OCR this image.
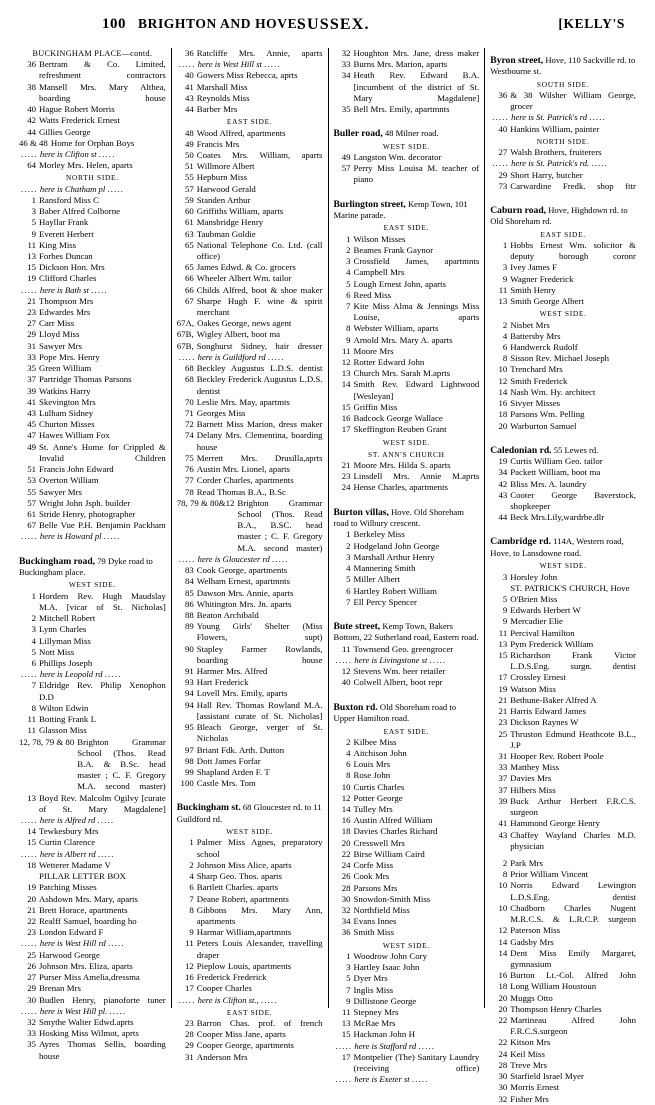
100 BRIGHTON AND HOVE.
SUSSEX.	[KELLY'S
BUCKINGHAM PLACE—contd.
36 Bertram & Co. Limited, refreshment contractors
38 Mansell Mrs. Mary Althea, boarding house
40 Hague Robert Morris
42 Watts Frederick Ernest
44 Gillies George
46 & 48 Home for Orphan Boys
..... here is Clifton st .....
64 Morley Mrs. Helen, aparts
NORTH SIDE.
..... here is Chatham pl .....
1 Ransford Miss C
3 Baber Alfred Colborne
5 Hayllar Frank
9 Everett Herbert
11 King Miss
13 Forbes Duncan
15 Dickson Hon. Mrs
19 Clifford Charles
..... here is Bath st .....
21 Thompson Mrs
23 Edwardes Mrs
27 Carr Miss
29 Lloyd Miss
31 Sawyer Mrs
33 Pope Mrs. Henry
35 Green William
37 Partridge Thomas Parsons
39 Watkins Harry
41 Skevington Mrs
43 Lulham Sidney
45 Churton Misses
47 Hawes William Fox
49 St. Anne's Home for Crippled & Invalid Children
51 Francis John Edward
53 Overton William
55 Sawyer Mrs
57 Wright John Jsph. builder
61 Stride Henry, photographer
67 Belle Vue P.H. Benjamin Packham
..... here is Howard pl .....
Buckingham road, 79 Dyke road to Buckingham place.
WEST SIDE.
1 Hordern Rev. Hugh Maudslay M.A. [vicar of St. Nicholas]
2 Mitchell Robert
3 Lynn Charles
4 Lillyman Miss
5 Nott Miss
6 Phillips Joseph
..... here is Leopold rd .....
7 Eldridge Rev. Philip Xenophon D.D
8 Wilton Edwin
11 Botting Frank L
11 Glasson Miss
12, 78, 79 & 80 Brighton Grammar School (Thos. Read B.A. & B.Sc. head master ; C. F. Gregory M.A. second master)
13 Boyd Rev. Malcolm Ogilvy [curate of St. Mary Magdalene]
..... here is Alfred rd .....
14 Tewkesbury Mrs
15 Curtin Clarence
..... here is Albert rd .....
18 Wetterer Madame V
PILLAR LETTER BOX
19 Patching Misses
20 Ashdown Mrs. Mary, aparts
21 Brett Horace, apartments
22 Realff Samuel, boarding ho
23 London Edward F
..... here is West Hill rd .....
25 Harwood George
26 Johnson Mrs. Eliza, aparts
27 Purser Miss Amelia,dressma
29 Brenan Mrs
30 Budlen Henry, pianoforte tuner
..... here is West Hill pl. .....
32 Smythe Walter Edwd.aprts
33 Hosking Miss Wilmot, aprts
35 Ayres Thomas Sellis, boarding house
36 Ratcliffe Mrs. Annie, aparts
..... here is West Hill st .....
40 Gowers Miss Rebecca, aprts
41 Marshall Miss
43 Reynolds Miss
44 Barber Mrs
EAST SIDE.
48 Wood Alfred, apartments
49 Francis Mrs
50 Coates Mrs. William, aparts
51 Willmore Albert
55 Hepburn Miss
57 Harwood Gerald
59 Standen Arthur
60 Griffiths William, aparts
61 Mansbridge Henry
63 Taubman Goldie
65 National Telephone Co. Ltd. (call office)
65 James Edwd. & Co. grocers
66 Wheeler Albert Wm. tailor
66 Childs Alfred, boot & shoe maker
67 Sharpe Hugh F. wine & spirit merchant
67A, Oakes George, news agent
67B, Wigley Albert, boot ma
67B, Songhurst Sidney, hair dresser
..... here is Guildford rd .....
68 Beckley Augustus L.D.S. dentist
68 Beckley Frederick Augustus L.D.S. dentist
70 Leslie Mrs. May, apartmts
71 Georges Miss
72 Barnett Miss Marion, dress maker
74 Delany Mrs. Clementina, boarding house
75 Merrett Mrs. Drusilla,aprts
76 Austin Mrs. Lionel, aparts
77 Corder Charles, apartments
78 Read Thomas B.A., B.Sc
78, 79 & 80&12 Brighton Grammar School (Thos. Read B.A., B.SC. head master ; C. F. Gregory M.A. second master)
..... here is Gloucester rd .....
83 Cook George, apartments
84 Welham Ernest, apartmnts
85 Dawson Mrs. Annie, aparts
86 Whitington Mrs. Jn. aparts
88 Beaton Archibald
89 Young Girls' Shelter (Miss Flowers, supt)
90 Stapley Farmer Rowlands, boarding house
91 Harmer Mrs. Alfred
93 Hart Frederick
94 Lovell Mrs. Emily, aparts
94 Hall Rev. Thomas Rowland M.A. [assistant curate of St. Nicholas]
95 Bleach George, verger of St. Nicholas
97 Briant Fdk. Arth. Dutton
98 Dott James Forfar
99 Shapland Arden F. T
100 Castle Mrs. Tom
Buckingham st. 68 Gloucester rd. to 11 Guildford rd.
WEST SIDE.
1 Palmer Miss Agnes, preparatory school
2 Johnson Miss Alice, aparts
4 Sharp Geo. Thos. aparts
6 Bartlett Charles. aparts
7 Deane Robert, apartments
8 Gibbons Mrs. Mary Ann, apartments
9 Harmar William,apartmnts
11 Peters Louis Alexander, travelling draper
12 Pieplow Louis, apartments
16 Frederick Frederick
17 Cooper Charles
..... here is Clifton st., .....
EAST SIDE.
23 Barron Chas. prof. of french
28 Cooper Miss Jane, aparts
29 Cooper George, apartments
31 Anderson Mrs
32 Houghton Mrs. Jane, dress maker
33 Burns Mrs. Marion, aparts
34 Heath Rev. Edward B.A. [incumbent of the district of St. Mary Magdalene]
35 Bell Mrs. Emily, apartmnts
Buller road, 48 Milner road.
WEST SIDE.
49 Langston Wm. decorator
57 Perry Miss Louisa M. teacher of piano
Burlington street, Kemp Town, 101 Marine parade.
EAST SIDE.
1 Wilson Misses
2 Beames Frank Gaynor
3 Crossfield James, apartmnts
4 Campbell Mrs
5 Lough Ernest John, aparts
6 Reed Miss
7 Kite Miss Alma & Jennings Miss Louise, aparts
8 Webster William, aparts
9 Arnold Mrs. Mary A. aparts
11 Moore Mrs
12 Rotter Edward John
13 Church Mrs. Sarah M.aprts
14 Smith Rev. Edward Lightwood [Wesleyan]
15 Griffin Miss
16 Badcock George Wallace
17 Skeffington Reuben Grant
WEST SIDE.
ST. ANN'S CHURCH
21 Moore Mrs. Hilda S. aparts
23 Linsdell Mrs. Annie M.aprts
24 Hense Charles, apartments
Burton villas, Hove. Old Shoreham road to Wilbury crescent.
1 Berkeley Miss
2 Hodgeland John George
3 Marshall Arthur Henry
4 Mannering Smith
5 Miller Albert
6 Hartley Robert William
7 Ell Percy Spencer
Bute street, Kemp Town, Bakers Bottom, 22 Sutherland road, Eastern road.
11 Townsend Geo. greengrocer
..... here is Livingstone st .....
12 Stevens Wm. beer retailer
40 Colwell Albert, boot repr
Buxton rd. Old Shoreham road to Upper Hamilton road.
EAST SIDE.
2 Kilbee Miss
4 Aitchison John
6 Louis Mrs
8 Rose John
10 Curtis Charles
12 Potter George
14 Tulley Mrs
16 Austin Alfred William
18 Davies Charles Richard
20 Cresswell Mrs
22 Birse William Caird
24 Corfe Miss
26 Cook Mrs
28 Parsons Mrs
30 Snowdon-Smith Miss
32 Northfield Miss
34 Evans Innes
36 Smith Miss
WEST SIDE.
1 Woodrow John Cory
3 Hartley Isaac John
5 Dyer Mrs
7 Inglis Miss
9 Dillistone George
11 Stepney Mrs
13 McRae Mrs
15 Hackman John H
..... here is Stafford rd .....
17 Montpelier (The) Sanitary Laundry (receiving office)
..... here is Exeter st .....
Byron street, Hove, 110 Sackville rd. to Westbourne st.
SOUTH SIDE.
36 & 38 Wilsher William George, grocer
..... here is St. Patrick's rd .....
40 Hankins William, painter
NORTH SIDE.
27 Walsh Brothers, fruiterers
..... here is St. Patrick's rd. .....
29 Short Harry, butcher
73 Carwardine Fredk. shop fttr
Caburn road, Hove, Highdown rd. to Old Shoreham rd.
EAST SIDE.
1 Hobbs Ernest Wm. solicitor & deputy borough coronr
3 Ivey James F
9 Wagner Frederick
11 Smith Henry
13 Smith George Albert
WEST SIDE.
2 Nisbet Mrs
4 Battersby Mrs
6 Handwerck Rudolf
8 Sisson Rev. Michael Joseph
10 Trenchard Mrs
12 Smith Frederick
14 Nash Wm. Hy. architect
16 Sivyer Misses
18 Parsons Wm. Pelling
20 Warburton Samuel
Caledonian rd. 55 Lewes rd.
19 Curtis William Geo. tailor
34 Packett William, boot ma
42 Bliss Mrs. A. laundry
43 Cooter George Baverstock, shopkeeper
44 Beck Mrs.Lily,wardrbe.dlr
Cambridge rd. 114A, Western road, Hove, to Lansdowne road.
WEST SIDE.
3 Horsley John
ST. PATRICK'S CHURCH, Hove
5 O'Brien Miss
9 Edwards Herbert W
9 Mercadier Elie
11 Percival Hamilton
13 Pym Frederick William
15 Richardson Frank Victor L.D.S.Eng. surgn. dentist
17 Crossley Ernest
19 Watson Miss
21 Bethune-Baker Alfred A
21 Harris Edward James
23 Dickson Raynes W
25 Thruston Edmund Heathcote B.L., J.P
31 Hooper Rev. Robert Poole
33 Matthey Miss
37 Davies Mrs
37 Hilbers Miss
39 Buck Arthur Herbert F.R.C.S. surgeon
41 Hammond George Henry
43 Chaffey Wayland Charles M.D. physician
2 Park Mrs
8 Prior William Vincent
10 Norris Edward Lewington L.D.S.Eng. dentist
10 Chadborn Charles Nugent M.R.C.S. & L.R.C.P. surgeon
12 Paterson Miss
14 Gadsby Mrs
14 Dent Miss Emily Margaret, gymnasium
16 Burton Lt.-Col. Alfred John
18 Long William Houstoun
20 Muggs Otto
20 Thompson Henry Charles
22 Martineau Alfred John F.R.C.S.surgeon
22 Kitson Mrs
24 Keil Miss
28 Treve Mrs
30 Starfield Israel Myer
30 Morris Ernest
32 Fisher Mrs
